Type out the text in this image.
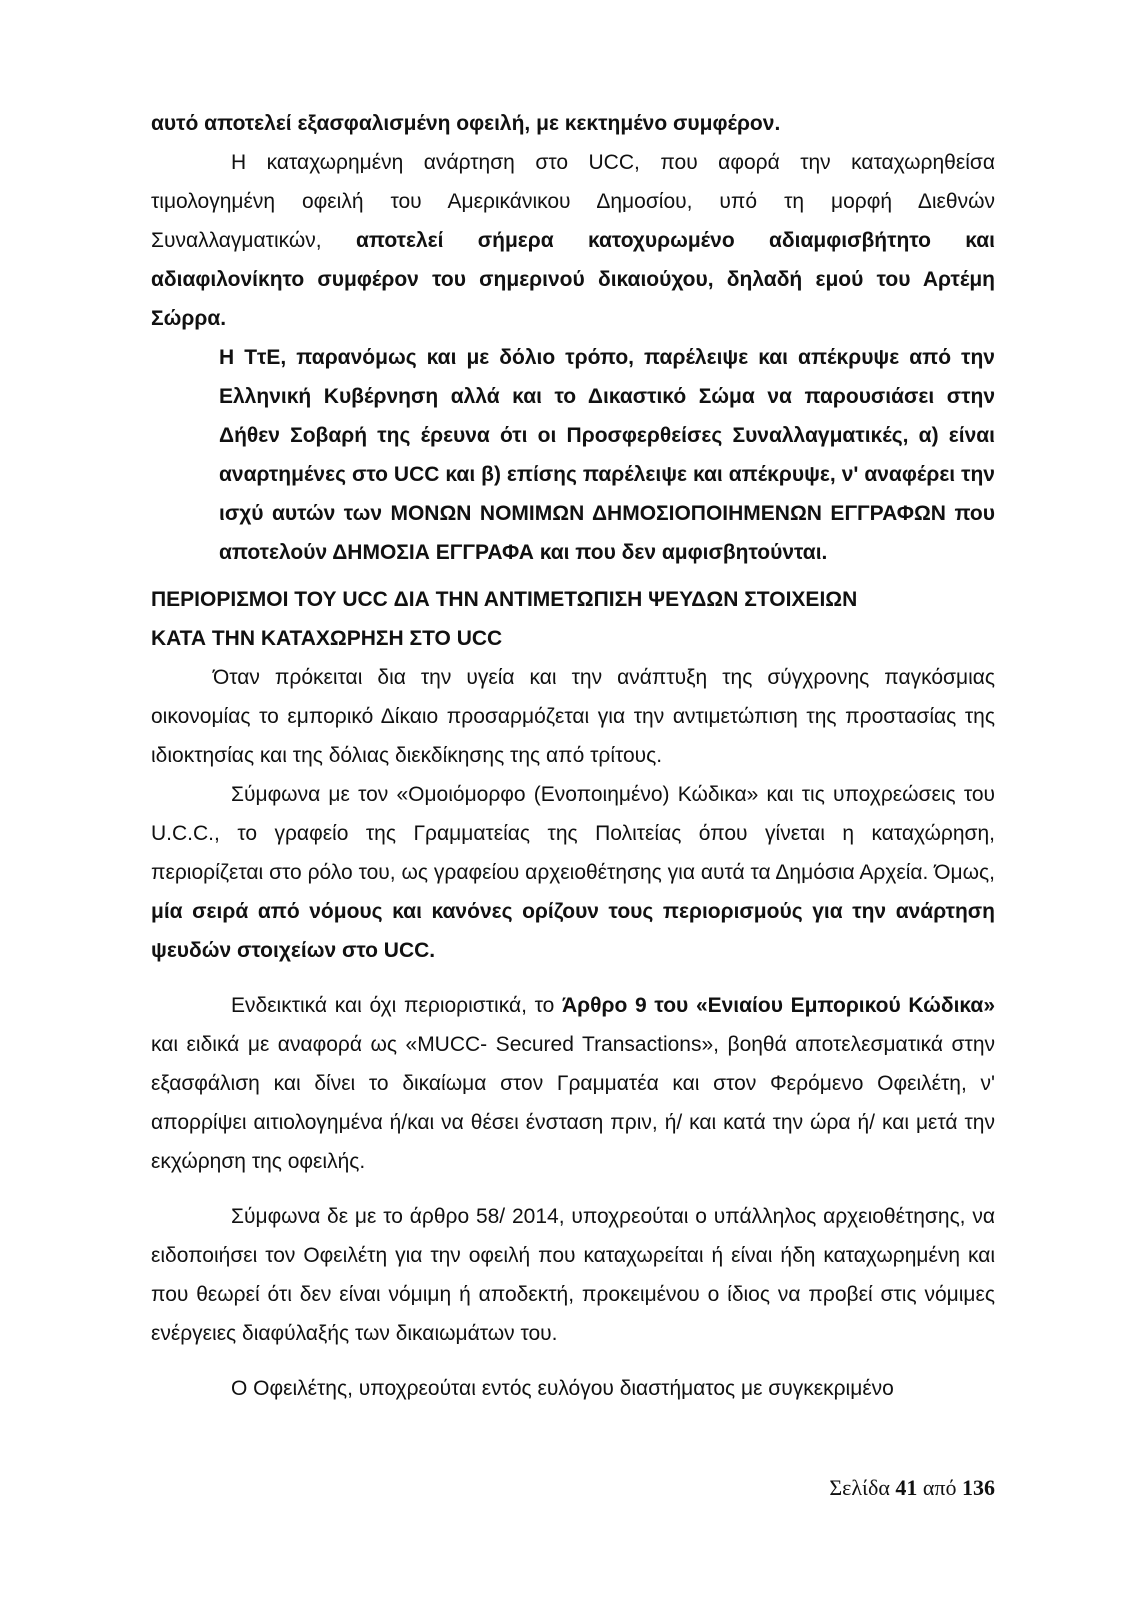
αυτό αποτελεί εξασφαλισμένη οφειλή, με κεκτημένο συμφέρον.

Η καταχωρημένη ανάρτηση στο UCC, που αφορά την καταχωρηθείσα τιμολογημένη οφειλή του Αμερικάνικου Δημοσίου, υπό τη μορφή Διεθνών Συναλλαγματικών, αποτελεί σήμερα κατοχυρωμένο αδιαμφισβήτητο και αδιαφιλονίκητο συμφέρον του σημερινού δικαιούχου, δηλαδή εμού του Αρτέμη Σώρρα.

Η ΤτΕ, παρανόμως και με δόλιο τρόπο, παρέλειψε και απέκρυψε από την Ελληνική Κυβέρνηση αλλά και το Δικαστικό Σώμα να παρουσιάσει στην Δήθεν Σοβαρή της έρευνα ότι οι Προσφερθείσες Συναλλαγματικές, α) είναι αναρτημένες στο UCC και β) επίσης παρέλειψε και απέκρυψε, ν' αναφέρει την ισχύ αυτών των ΜΟΝΩΝ ΝΟΜΙΜΩΝ ΔΗΜΟΣΙΟΠΟΙΗΜΕΝΩΝ ΕΓΓΡΑΦΩΝ που αποτελούν ΔΗΜΟΣΙΑ ΕΓΓΡΑΦΑ και που δεν αμφισβητούνται.

ΠΕΡΙΟΡΙΣΜΟΙ ΤΟΥ UCC ΔΙΑ ΤΗΝ ΑΝΤΙΜΕΤΩΠΙΣΗ ΨΕΥΔΩΝ ΣΤΟΙΧΕΙΩΝ
ΚΑΤΑ ΤΗΝ ΚΑΤΑΧΩΡΗΣΗ ΣΤΟ UCC

Όταν πρόκειται δια την υγεία και την ανάπτυξη της σύγχρονης παγκόσμιας οικονομίας το εμπορικό Δίκαιο προσαρμόζεται για την αντιμετώπιση της προστασίας της ιδιοκτησίας και της δόλιας διεκδίκησης της από τρίτους.

Σύμφωνα με τον «Ομοιόμορφο (Ενοποιημένο) Κώδικα» και τις υποχρεώσεις του U.C.C., το γραφείο της Γραμματείας της Πολιτείας όπου γίνεται η καταχώρηση, περιορίζεται στο ρόλο του, ως γραφείου αρχειοθέτησης για αυτά τα Δημόσια Αρχεία. Όμως, μία σειρά από νόμους και κανόνες ορίζουν τους περιορισμούς για την ανάρτηση ψευδών στοιχείων στο UCC.

Ενδεικτικά και όχι περιοριστικά, το Άρθρο 9 του «Ενιαίου Εμπορικού Κώδικα» και ειδικά με αναφορά ως «MUCC- Secured Transactions», βοηθά αποτελεσματικά στην εξασφάλιση και δίνει το δικαίωμα στον Γραμματέα και στον Φερόμενο Οφειλέτη, ν' απορρίψει αιτιολογημένα ή/και να θέσει ένσταση πριν, ή/ και κατά την ώρα ή/ και μετά την εκχώρηση της οφειλής.

Σύμφωνα δε με το άρθρο 58/ 2014, υποχρεούται ο υπάλληλος αρχειοθέτησης, να ειδοποιήσει τον Οφειλέτη για την οφειλή που καταχωρείται ή είναι ήδη καταχωρημένη και που θεωρεί ότι δεν είναι νόμιμη ή αποδεκτή, προκειμένου ο ίδιος να προβεί στις νόμιμες ενέργειες διαφύλαξής των δικαιωμάτων του.

Ο Οφειλέτης, υποχρεούται εντός ευλόγου διαστήματος με συγκεκριμένο

Σελίδα 41 από 136
